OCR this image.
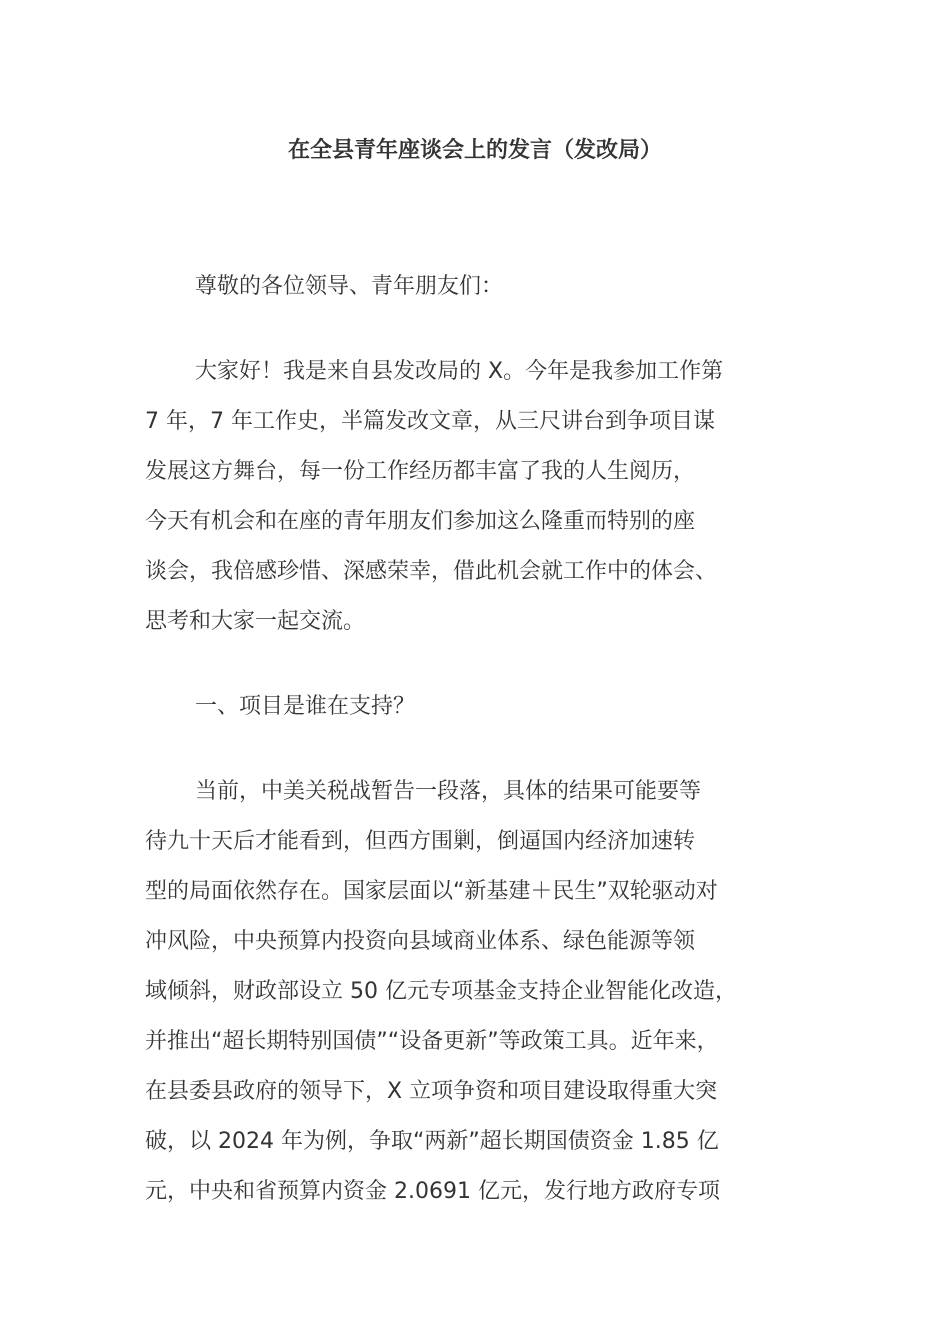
在全县青年座谈会上的发言（发改局）
尊敬的各位领导、青年朋友们：
大家好！我是来自县发改局的 X。今年是我参加工作第
7 年，7 年工作史，半篇发改文章，从三尺讲台到争项目谋
发展这方舞台，每一份工作经历都丰富了我的人生阅历，
今天有机会和在座的青年朋友们参加这么隆重而特别的座
谈会，我倍感珍惜、深感荣幸，借此机会就工作中的体会、
思考和大家一起交流。
一、项目是谁在支持？
当前，中美关税战暂告一段落，具体的结果可能要等
待九十天后才能看到，但西方围剿，倒逼国内经济加速转
型的局面依然存在。国家层面以“新基建＋民生”双轮驱动对
冲风险，中央预算内投资向县域商业体系、绿色能源等领
域倾斜，财政部设立 50 亿元专项基金支持企业智能化改造，
并推出“超长期特别国债”“设备更新”等政策工具。近年来，
在县委县政府的领导下，X 立项争资和项目建设取得重大突
破，以 2024 年为例，争取“两新”超长期国债资金 1.85 亿
元，中央和省预算内资金 2.0691 亿元，发行地方政府专项
